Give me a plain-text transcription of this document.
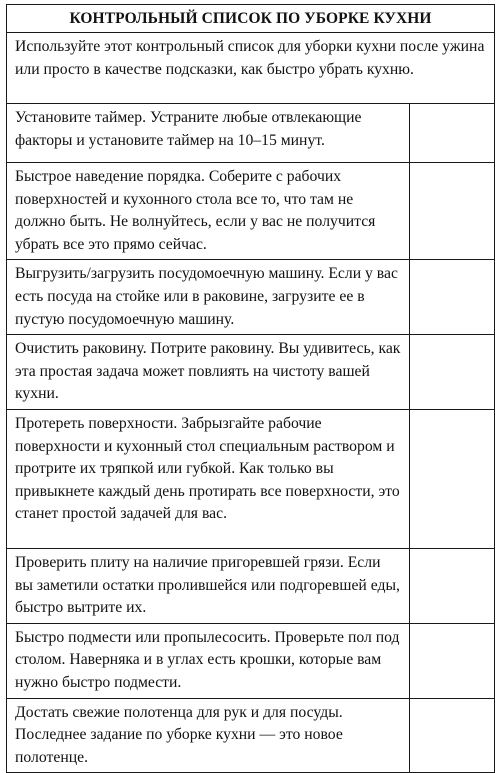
КОНТРОЛЬНЫЙ СПИСОК ПО УБОРКЕ КУХНИ	

Используйте этот контрольный список для уборки кухни после ужина или просто в качестве подсказки, как быстро убрать кухню.	

Установите таймер. Устраните любые отвлекающие факторы и установите таймер на 10–15 минут.	

Быстрое наведение порядка. Соберите с рабочих поверхностей и кухонного стола все то, что там не должно быть. Не волнуйтесь, если у вас не получится убрать все это прямо сейчас.	

Выгрузить/загрузить посудомоечную машину. Если у вас есть посуда на стойке или в раковине, загрузите ее в пустую посудомоечную машину.	

Очистить раковину. Потрите раковину. Вы удивитесь, как эта простая задача может повлиять на чистоту вашей кухни.	

Протереть поверхности. Забрызгайте рабочие поверхности и кухонный стол специальным раствором и протрите их тряпкой или губкой. Как только вы привыкнете каждый день протирать все поверхности, это станет простой задачей для вас.	

Проверить плиту на наличие пригоревшей грязи. Если вы заметили остатки пролившейся или подгоревшей еды, быстро вытрите их.	

Быстро подмести или пропылесосить. Проверьте пол под столом. Наверняка и в углах есть крошки, которые вам нужно быстро подмести.	

Достать свежие полотенца для рук и для посуды. Последнее задание по уборке кухни — это новое полотенце.	
